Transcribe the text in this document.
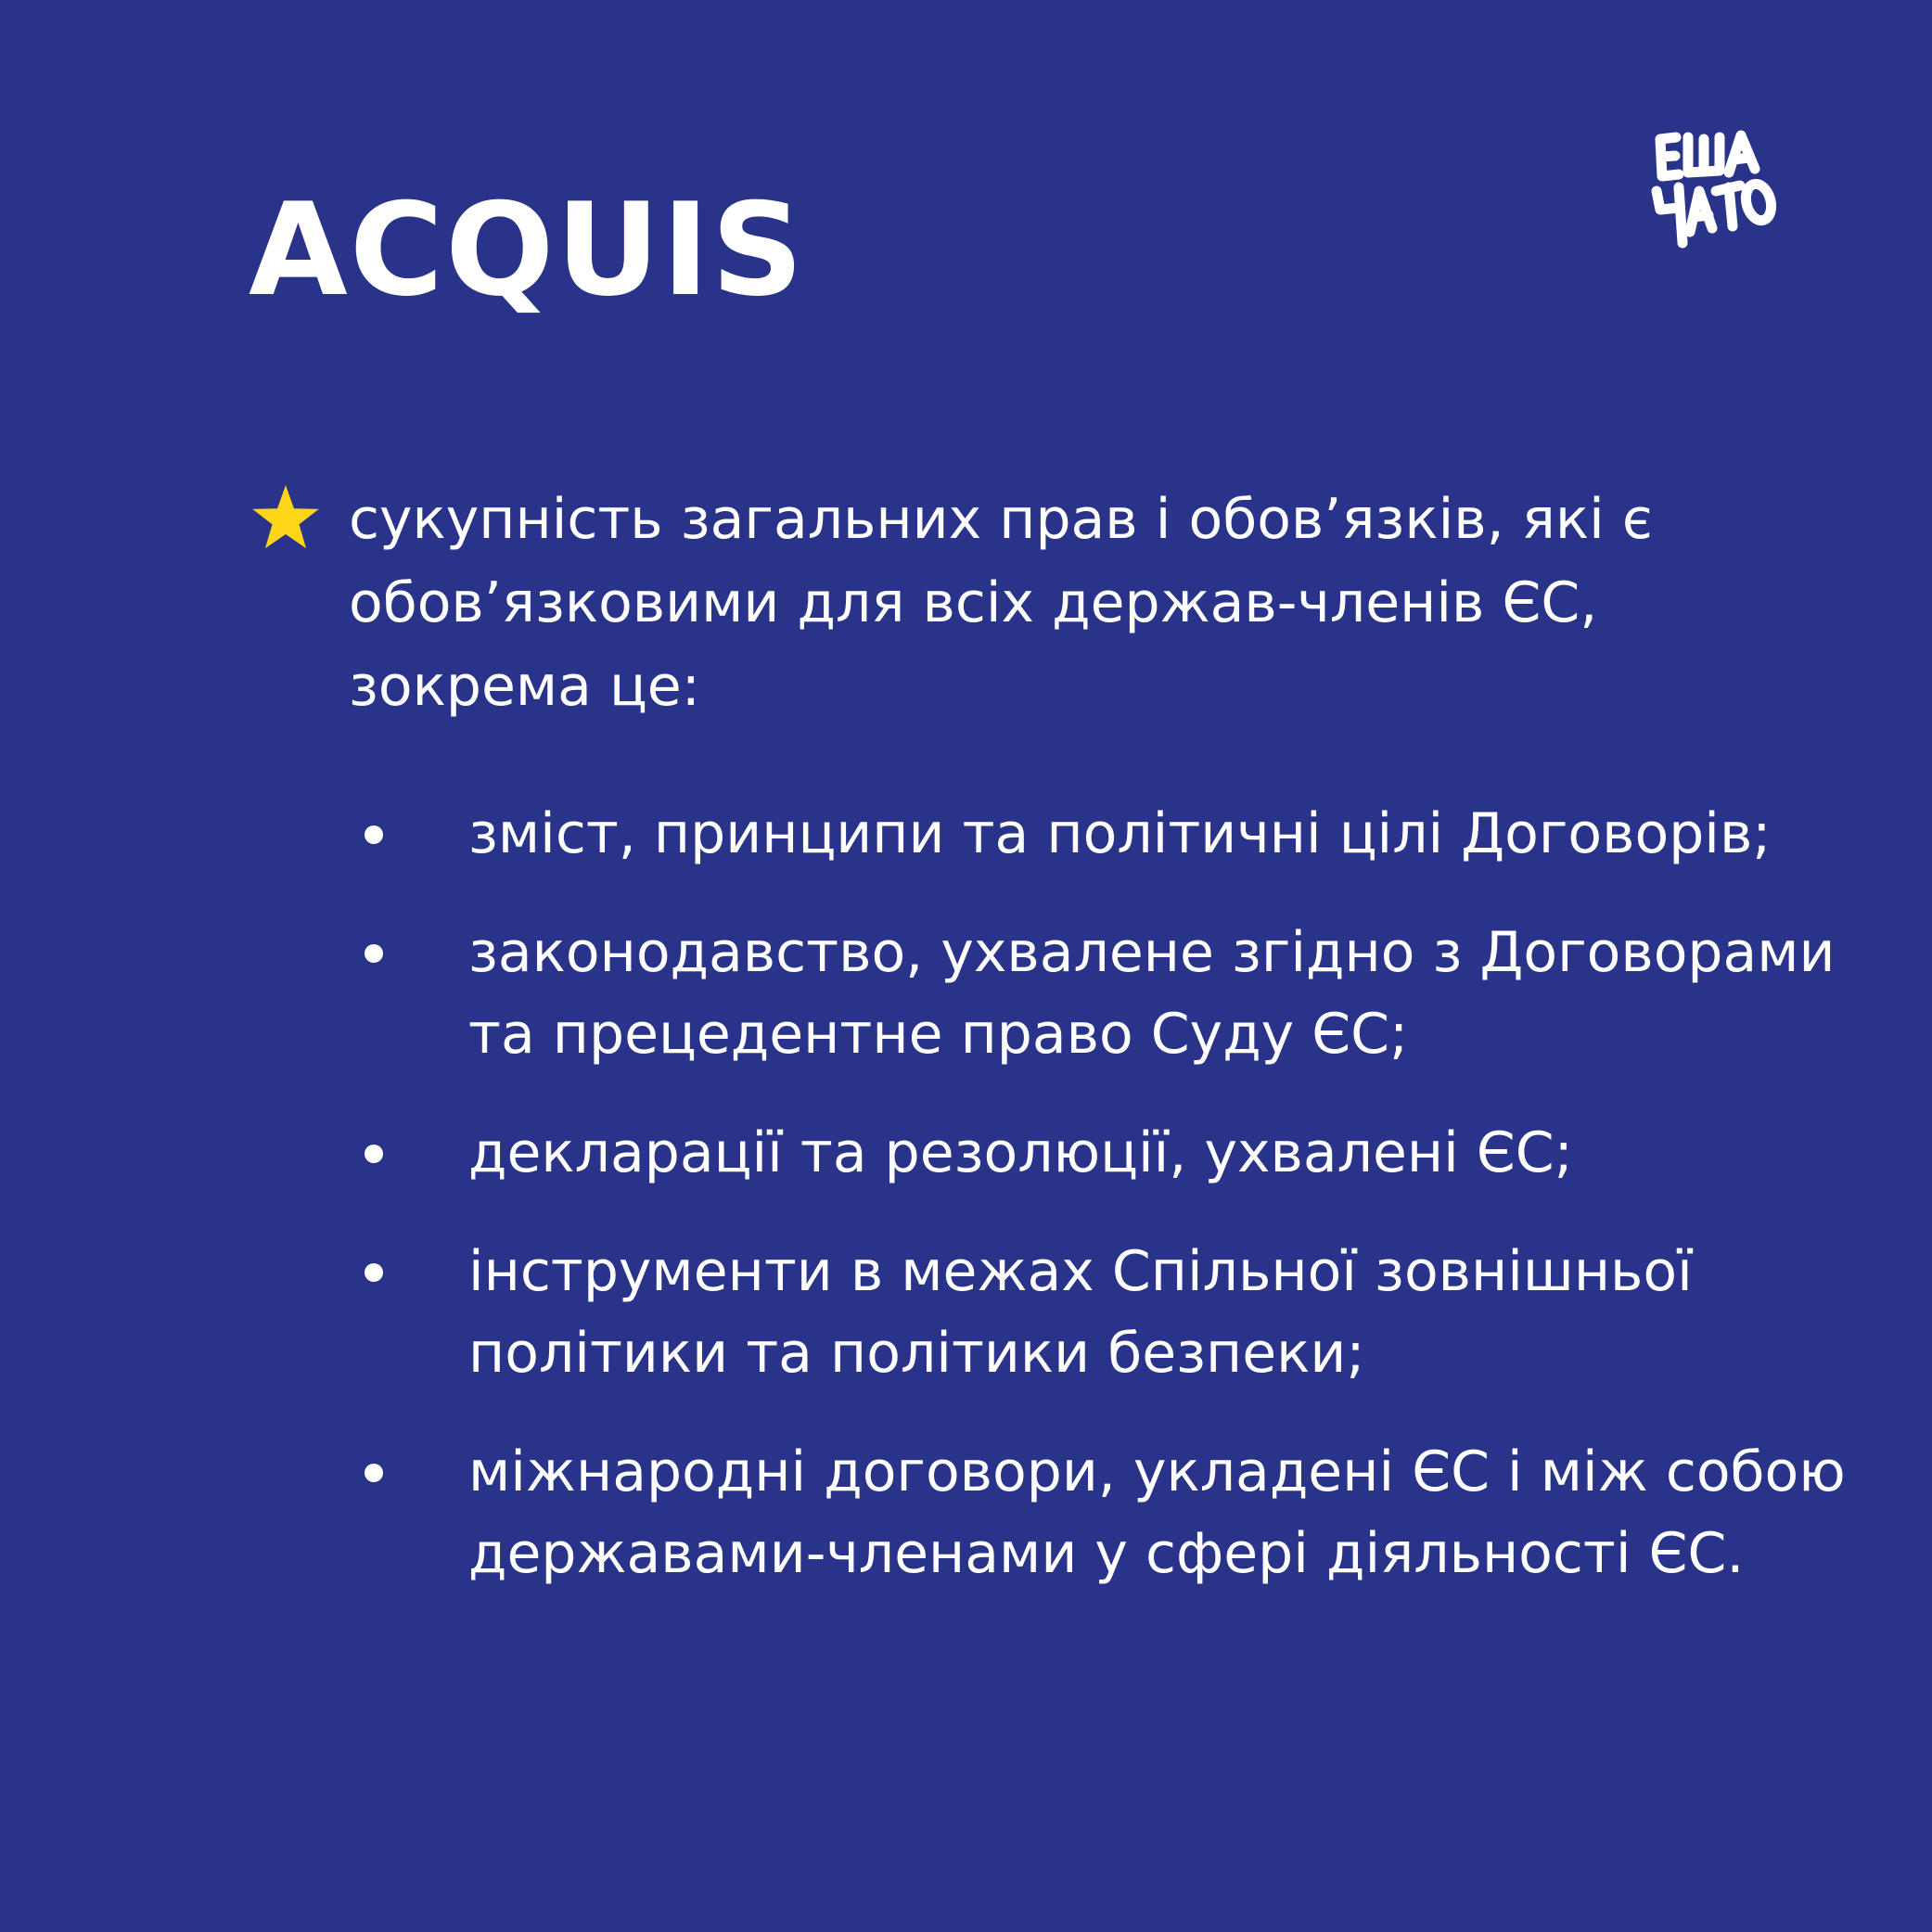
ACQUIS

сукупність загальних прав і обов’язків, які є обов’язковими для всіх держав-членів ЄС, зокрема це:

зміст, принципи та політичні цілі Договорів;
законодавство, ухвалене згідно з Договорами та прецедентне право Суду ЄС;
декларації та резолюції, ухвалені ЄС;
інструменти в межах Спільної зовнішньої політики та політики безпеки;
міжнародні договори, укладені ЄС і між собою державами-членами у сфері діяльності ЄС.
